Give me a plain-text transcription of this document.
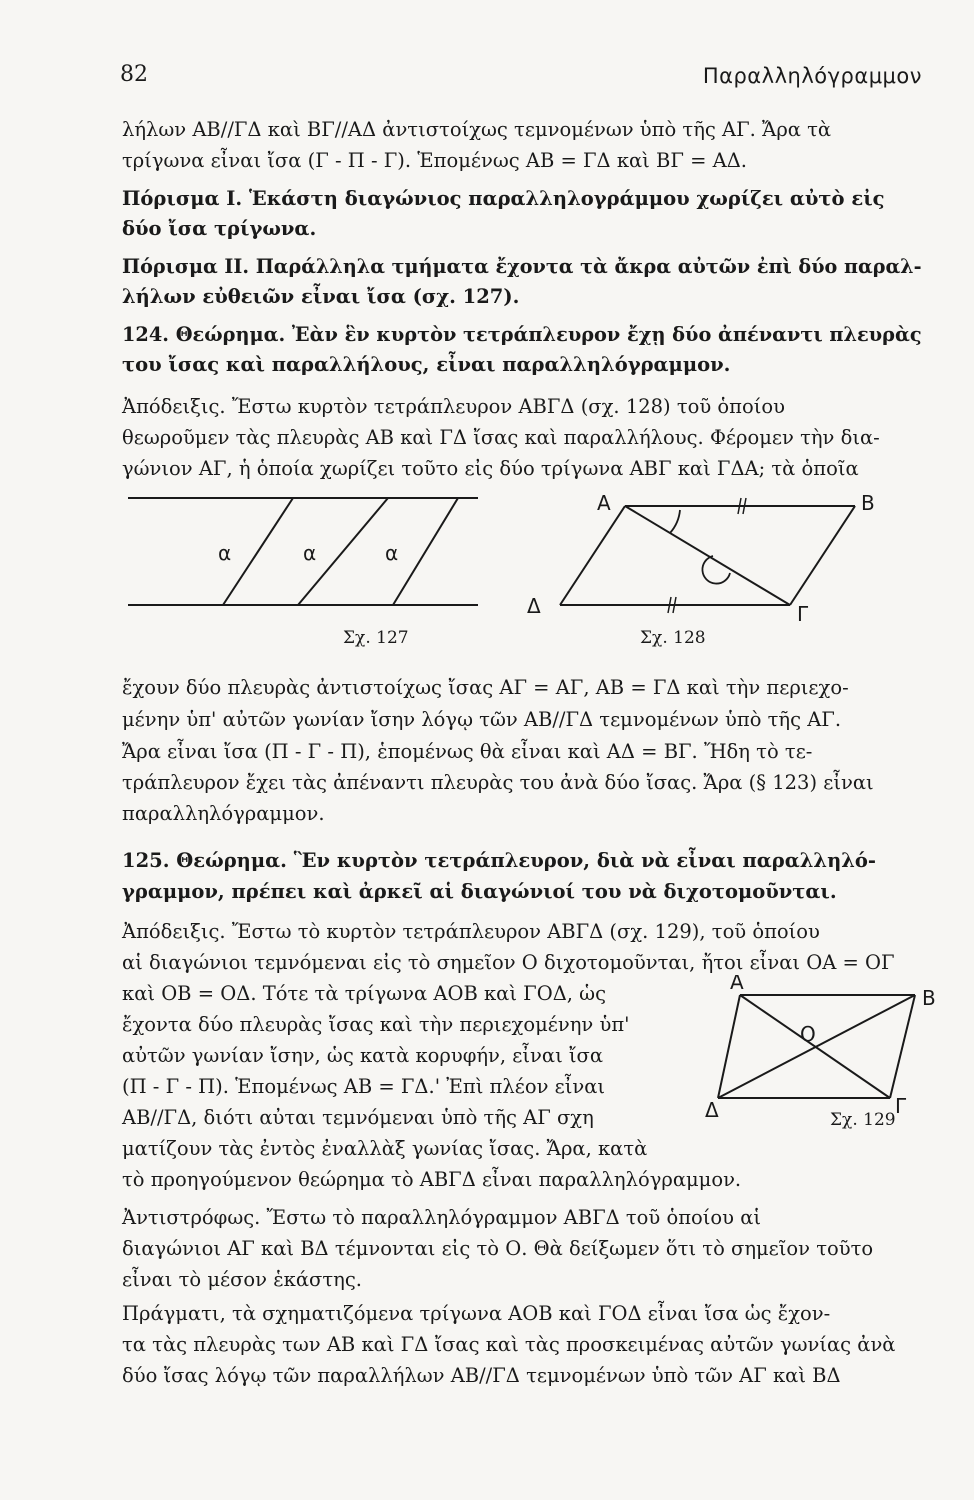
82	Παραλληλόγραμμον
λήλων ΑΒ//ΓΔ καὶ ΒΓ//ΑΔ ἀντιστοίχως τεμνομένων ὑπὸ τῆς ΑΓ. Ἄρα τὰ
τρίγωνα εἶναι ἴσα (Γ - Π - Γ). Ἑπομένως ΑΒ = ΓΔ καὶ ΒΓ = ΑΔ.
Πόρισμα Ι. Ἑκάστη διαγώνιος παραλληλογράμμου χωρίζει αὐτὸ εἰς
δύο ἴσα τρίγωνα.
Πόρισμα ΙΙ. Παράλληλα τμήματα ἔχοντα τὰ ἄκρα αὐτῶν ἐπὶ δύο παραλ-
λήλων εὐθειῶν εἶναι ἴσα (σχ. 127).
124. Θεώρημα. Ἐὰν ἓν κυρτὸν τετράπλευρον ἔχῃ δύο ἀπέναντι πλευρὰς
του ἴσας καὶ παραλλήλους, εἶναι παραλληλόγραμμον.
Ἀπόδειξις. Ἔστω κυρτὸν τετράπλευρον ΑΒΓΔ (σχ. 128) τοῦ ὁποίου
θεωροῦμεν τὰς πλευρὰς ΑΒ καὶ ΓΔ ἴσας καὶ παραλλήλους. Φέρομεν τὴν δια-
γώνιον ΑΓ, ἡ ὁποία χωρίζει τοῦτο εἰς δύο τρίγωνα ΑΒΓ καὶ ΓΔΑ; τὰ ὁποῖα
α	α	α
Σχ. 127
Α	Β
Γ
Δ
Σχ. 128
ἔχουν δύο πλευρὰς ἀντιστοίχως ἴσας ΑΓ = ΑΓ, ΑΒ = ΓΔ καὶ τὴν περιεχο-
μένην ὑπ' αὐτῶν γωνίαν ἴσην λόγῳ τῶν ΑΒ//ΓΔ τεμνομένων ὑπὸ τῆς ΑΓ.
Ἄρα εἶναι ἴσα (Π - Γ - Π), ἑπομένως θὰ εἶναι καὶ ΑΔ = ΒΓ. Ἤδη τὸ τε-
τράπλευρον ἔχει τὰς ἀπέναντι πλευρὰς του ἀνὰ δύο ἴσας. Ἄρα (§ 123) εἶναι
παραλληλόγραμμον.
125. Θεώρημα. Ἓν κυρτὸν τετράπλευρον, διὰ νὰ εἶναι παραλληλό-
γραμμον, πρέπει καὶ ἀρκεῖ αἱ διαγώνιοί του νὰ διχοτομοῦνται.
Ἀπόδειξις. Ἔστω τὸ κυρτὸν τετράπλευρον ΑΒΓΔ (σχ. 129), τοῦ ὁποίου
αἱ διαγώνιοι τεμνόμεναι εἰς τὸ σημεῖον Ο διχοτομοῦνται, ἤτοι εἶναι ΟΑ = ΟΓ
καὶ ΟΒ = ΟΔ. Τότε τὰ τρίγωνα ΑΟΒ καὶ ΓΟΔ, ὡς
ἔχοντα δύο πλευρὰς ἴσας καὶ τὴν περιεχομένην ὑπ'
αὐτῶν γωνίαν ἴσην, ὡς κατὰ κορυφήν, εἶναι ἴσα
(Π - Γ - Π). Ἑπομένως ΑΒ = ΓΔ.' Ἐπὶ πλέον εἶναι
ΑΒ//ΓΔ, διότι αὐται τεμνόμεναι ὑπὸ τῆς ΑΓ σχη
ματίζουν τὰς ἐντὸς ἐναλλὰξ γωνίας ἴσας. Ἄρα, κατὰ
Α
Β
Γ
Δ
Ο
Σχ. 129
τὸ προηγούμενον θεώρημα τὸ ΑΒΓΔ εἶναι παραλληλόγραμμον.
Ἀντιστρόφως. Ἔστω τὸ παραλληλόγραμμον ΑΒΓΔ τοῦ ὁποίου αἱ
διαγώνιοι ΑΓ καὶ ΒΔ τέμνονται εἰς τὸ Ο. Θὰ δείξωμεν ὅτι τὸ σημεῖον τοῦτο
εἶναι τὸ μέσον ἑκάστης.
Πράγματι, τὰ σχηματιζόμενα τρίγωνα ΑΟΒ καὶ ΓΟΔ εἶναι ἴσα ὡς ἔχον-
τα τὰς πλευρὰς των ΑΒ καὶ ΓΔ ἴσας καὶ τὰς προσκειμένας αὐτῶν γωνίας ἀνὰ
δύο ἴσας λόγῳ τῶν παραλλήλων ΑΒ//ΓΔ τεμνομένων ὑπὸ τῶν ΑΓ καὶ ΒΔ
